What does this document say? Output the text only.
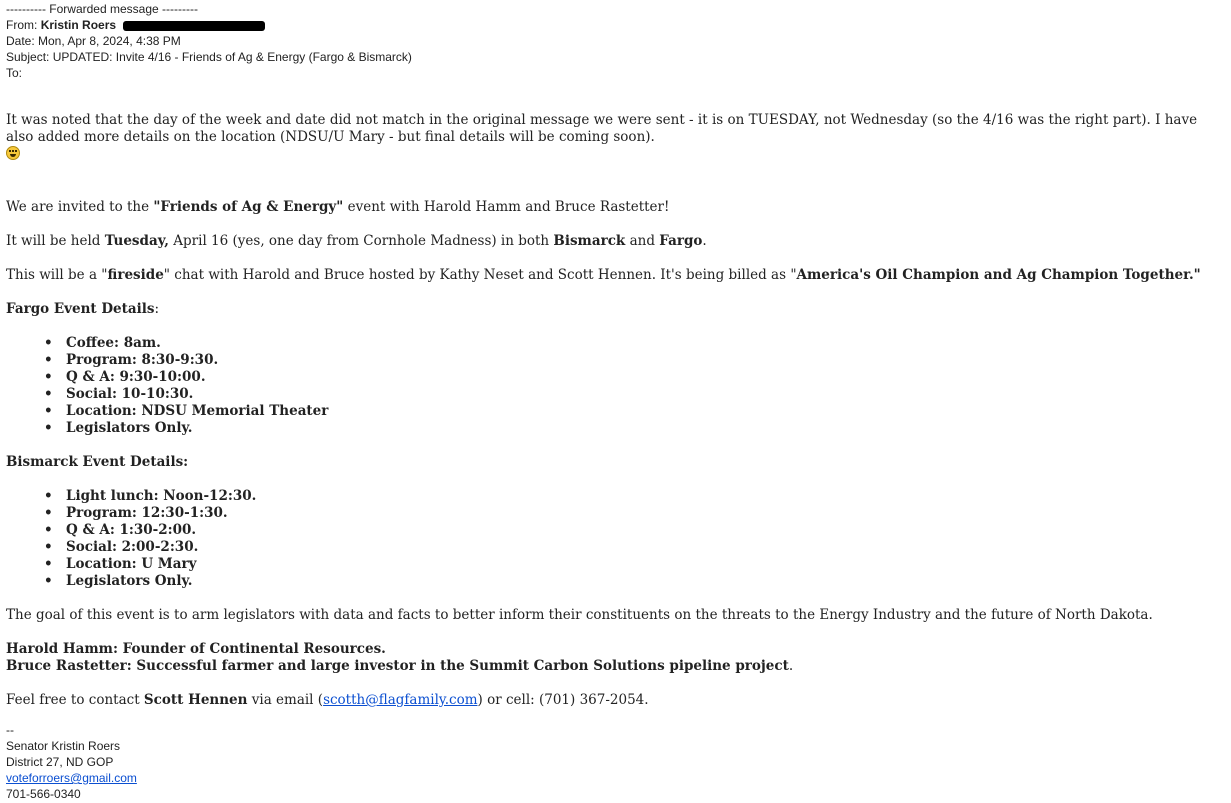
---------- Forwarded message ---------
From: Kristin Roers
Date: Mon, Apr 8, 2024, 4:38 PM
Subject: UPDATED: Invite 4/16 - Friends of Ag & Energy (Fargo & Bismarck)
To:

It was noted that the day of the week and date did not match in the original message we were sent - it is on TUESDAY, not Wednesday (so the 4/16 was the right part). I have also added more details on the location (NDSU/U Mary - but final details will be coming soon).

We are invited to the "Friends of Ag & Energy" event with Harold Hamm and Bruce Rastetter!

It will be held Tuesday, April 16 (yes, one day from Cornhole Madness) in both Bismarck and Fargo.

This will be a "fireside" chat with Harold and Bruce hosted by Kathy Neset and Scott Hennen. It's being billed as "America's Oil Champion and Ag Champion Together."

Fargo Event Details:

• Coffee: 8am.
• Program: 8:30-9:30.
• Q & A: 9:30-10:00.
• Social: 10-10:30.
• Location: NDSU Memorial Theater
• Legislators Only.

Bismarck Event Details:

• Light lunch: Noon-12:30.
• Program: 12:30-1:30.
• Q & A: 1:30-2:00.
• Social: 2:00-2:30.
• Location: U Mary
• Legislators Only.

The goal of this event is to arm legislators with data and facts to better inform their constituents on the threats to the Energy Industry and the future of North Dakota.

Harold Hamm: Founder of Continental Resources.

Bruce Rastetter: Successful farmer and large investor in the Summit Carbon Solutions pipeline project.

Feel free to contact Scott Hennen via email (scotth@flagfamily.com) or cell: (701) 367-2054.

--
Senator Kristin Roers
District 27, ND GOP
voteforroers@gmail.com
701-566-0340
